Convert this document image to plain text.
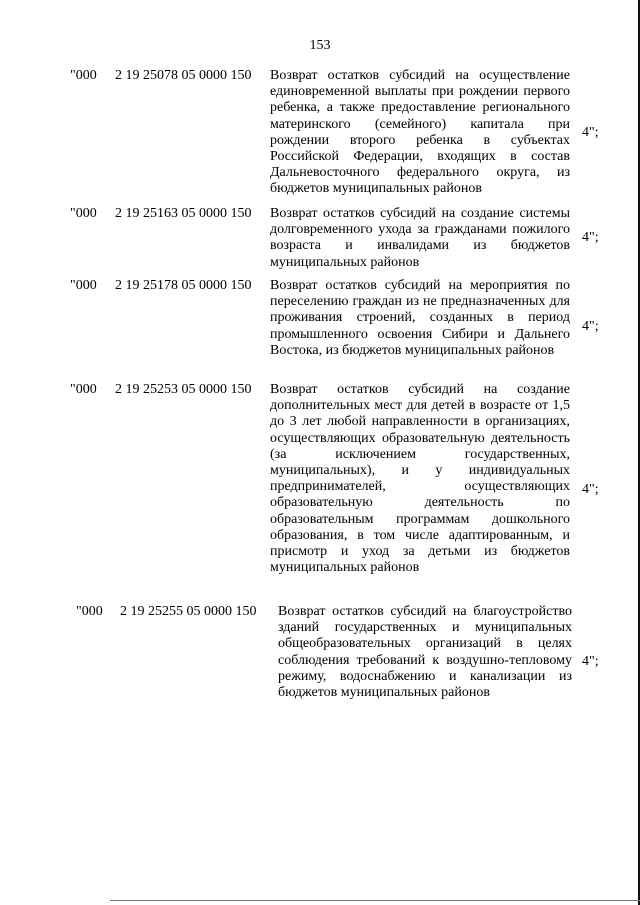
153
"000 2 19 25078 05 0000 150 Возврат остатков субсидий на осуществление единовременной выплаты при рождении первого ребенка, а также предоставление регионального материнского (семейного) капитала при рождении второго ребенка в субъектах Российской Федерации, входящих в состав Дальневосточного федерального округа, из бюджетов муниципальных районов
4";
"000 2 19 25163 05 0000 150 Возврат остатков субсидий на создание системы долговременного ухода за гражданами пожилого возраста и инвалидами из бюджетов муниципальных районов
4";
"000 2 19 25178 05 0000 150 Возврат остатков субсидий на мероприятия по переселению граждан из не предназначенных для проживания строений, созданных в период промышленного освоения Сибири и Дальнего Востока, из бюджетов муниципальных районов
4";
"000 2 19 25253 05 0000 150 Возврат остатков субсидий на создание дополнительных мест для детей в возрасте от 1,5 до 3 лет любой направленности в организациях, осуществляющих образовательную деятельность (за исключением государственных, муниципальных), и у индивидуальных предпринимателей, осуществляющих образовательную деятельность по образовательным программам дошкольного образования, в том числе адаптированным, и присмотр и уход за детьми из бюджетов муниципальных районов
4";
"000 2 19 25255 05 0000 150 Возврат остатков субсидий на благоустройство зданий государственных и муниципальных общеобразовательных организаций в целях соблюдения требований к воздушно-тепловому режиму, водоснабжению и канализации из бюджетов муниципальных районов
4";
